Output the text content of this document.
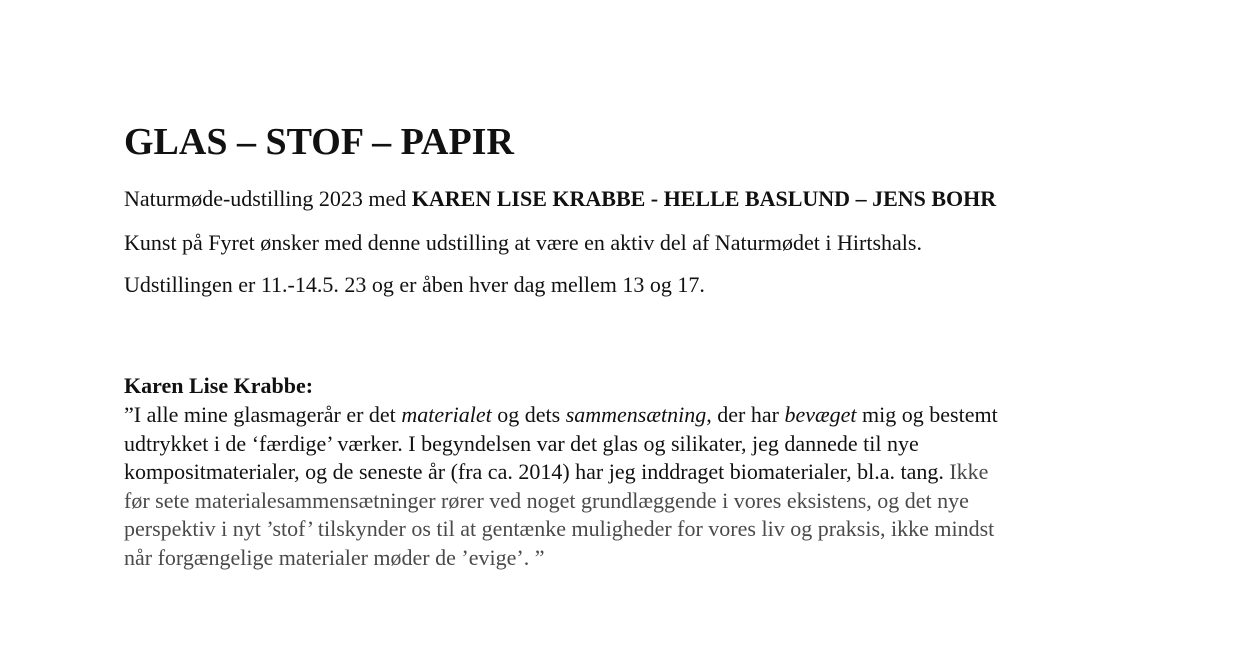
GLAS – STOF – PAPIR

Naturmøde-udstilling 2023 med KAREN LISE KRABBE - HELLE BASLUND – JENS BOHR

Kunst på Fyret ønsker med denne udstilling at være en aktiv del af Naturmødet i Hirtshals.

Udstillingen er 11.-14.5. 23 og er åben hver dag mellem 13 og 17.

Karen Lise Krabbe:

”I alle mine glasmagerår er det materialet og dets sammensætning, der har bevæget mig og bestemt
udtrykket i de ‘færdige’ værker. I begyndelsen var det glas og silikater, jeg dannede til nye
kompositmaterialer, og de seneste år (fra ca. 2014) har jeg inddraget biomaterialer, bl.a. tang. Ikke
før sete materialesammensætninger rører ved noget grundlæggende i vores eksistens, og det nye
perspektiv i nyt ’stof’ tilskynder os til at gentænke muligheder for vores liv og praksis, ikke mindst
når forgængelige materialer møder de ’evige’. ”
